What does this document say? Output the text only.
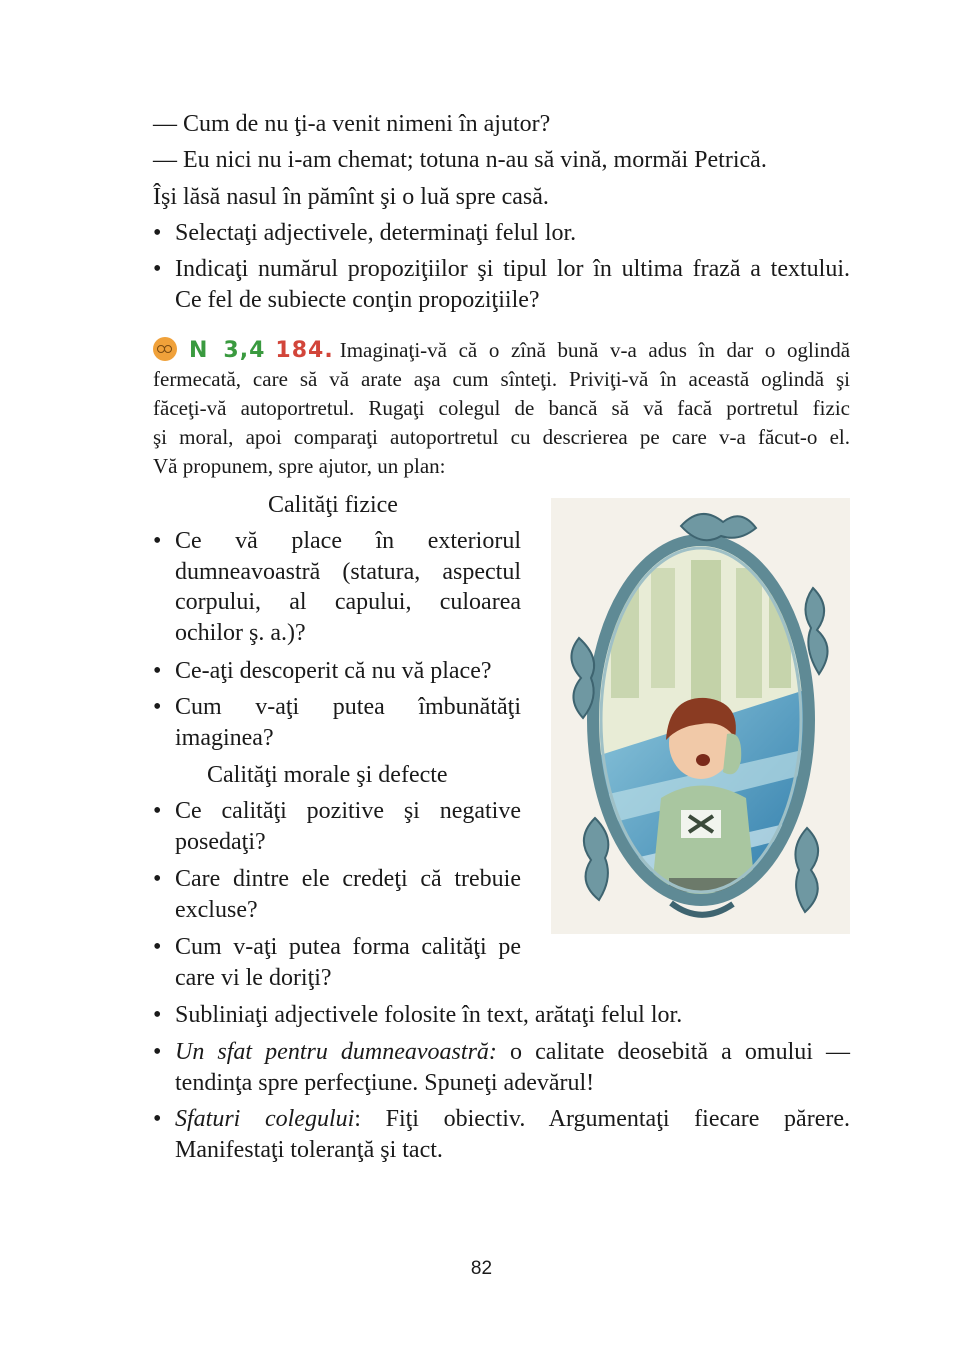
— Cum de nu ţi-a venit nimeni în ajutor?
— Eu nici nu i-am chemat; totuna n-au să vină, mormăi Petrică.
Îşi lăsă nasul în pămînt şi o luă spre casă.
• Selectaţi adjectivele, determinaţi felul lor.
• Indicaţi numărul propoziţiilor şi tipul lor în ultima frază a textului.
Ce fel de subiecte conţin propoziţiile?
N 3,4 184. Imaginaţi-vă că o zînă bună v-a adus în dar o oglindă
fermecată, care să vă arate aşa cum sînteţi. Priviţi-vă în această oglindă şi
făceţi-vă autoportretul. Rugaţi colegul de bancă să vă facă portretul fizic
şi moral, apoi comparaţi autoportretul cu descrierea pe care v-a făcut-o el.
Vă propunem, spre ajutor, un plan:
Calităţi fizice
• Ce vă place în exteriorul
dumneavoastră (statura, aspectul
corpului, al capului, culoarea
ochilor ş. a.)?
• Ce-aţi descoperit că nu vă place?
• Cum v-aţi putea îmbunătăţi
imaginea?
Calităţi morale şi defecte
• Ce calităţi pozitive şi negative
posedaţi?
• Care dintre ele credeţi că trebuie
excluse?
• Cum v-aţi putea forma calităţi pe
care vi le doriţi?
• Subliniaţi adjectivele folosite în text, arătaţi felul lor.
• Un sfat pentru dumneavoastră: o calitate deosebită a omului —
tendinţa spre perfecţiune. Spuneţi adevărul!
• Sfaturi colegului: Fiţi obiectiv. Argumentaţi fiecare părere.
Manifestaţi toleranţă şi tact.
82
